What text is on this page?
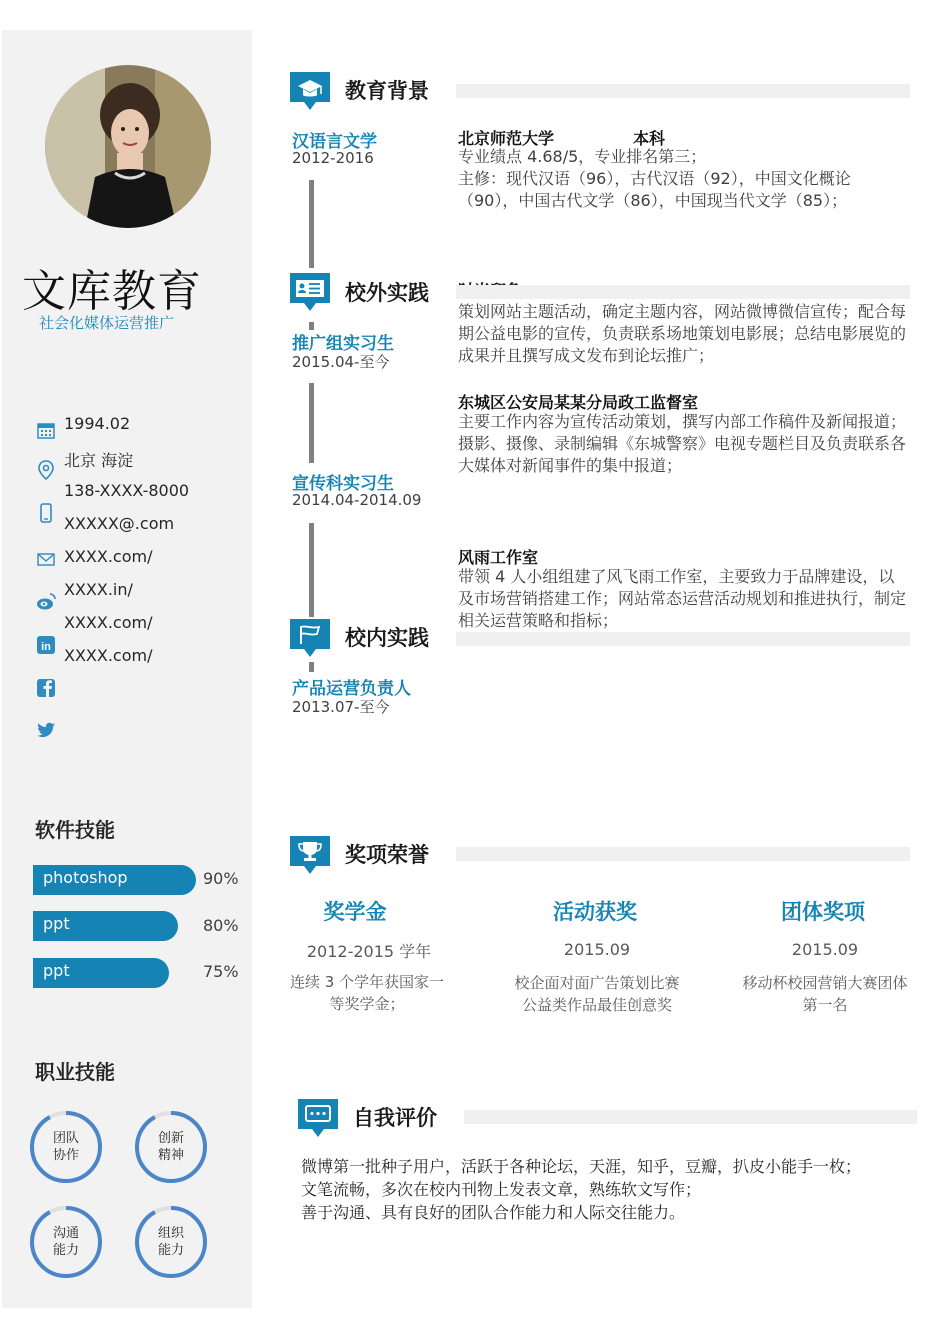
文库教育
社会化媒体运营推广
in
1994.02
北京 海淀
138-XXXX-8000
XXXXX@.com
XXXX.com/
XXXX.in/
XXXX.com/
XXXX.com/
软件技能
photoshop	90%
ppt	80%
ppt	75%
职业技能
团队
协作
创新
精神
沟通
能力
组织
能力
教育背景
汉语言文学
2012-2016
北京师范大学	本科
专业绩点 4.68/5，专业排名第三；
主修：现代汉语（96），古代汉语（92），中国文化概论（90），中国古代文学（86），中国现当代文学（85）；
校外实践
推广组实习生
2015.04-至今
策划网站主题活动，确定主题内容，网站微博微信宣传；配合每期公益电影的宣传，负责联系场地策划电影展；总结电影展览的成果并且撰写成文发布到论坛推广；
东城区公安局某某分局政工监督室
主要工作内容为宣传活动策划，撰写内部工作稿件及新闻报道；摄影、摄像、录制编辑《东城警察》电视专题栏目及负责联系各大媒体对新闻事件的集中报道；
宣传科实习生
2014.04-2014.09
风雨工作室
带领 4 人小组组建了风飞雨工作室，主要致力于品牌建设，以及市场营销搭建工作；网站常态运营活动规划和推进执行，制定相关运营策略和指标；
校内实践
产品运营负责人
2013.07-至今
奖项荣誉
奖学金
2012-2015 学年
连续 3 个学年获国家一等奖学金；
活动获奖
2015.09
校企面对面广告策划比赛公益类作品最佳创意奖
团体奖项
2015.09
移动杯校园营销大赛团体第一名
自我评价
微博第一批种子用户，活跃于各种论坛，天涯，知乎，豆瓣，扒皮小能手一枚；
文笔流畅，多次在校内刊物上发表文章，熟练软文写作；
善于沟通、具有良好的团队合作能力和人际交往能力。
